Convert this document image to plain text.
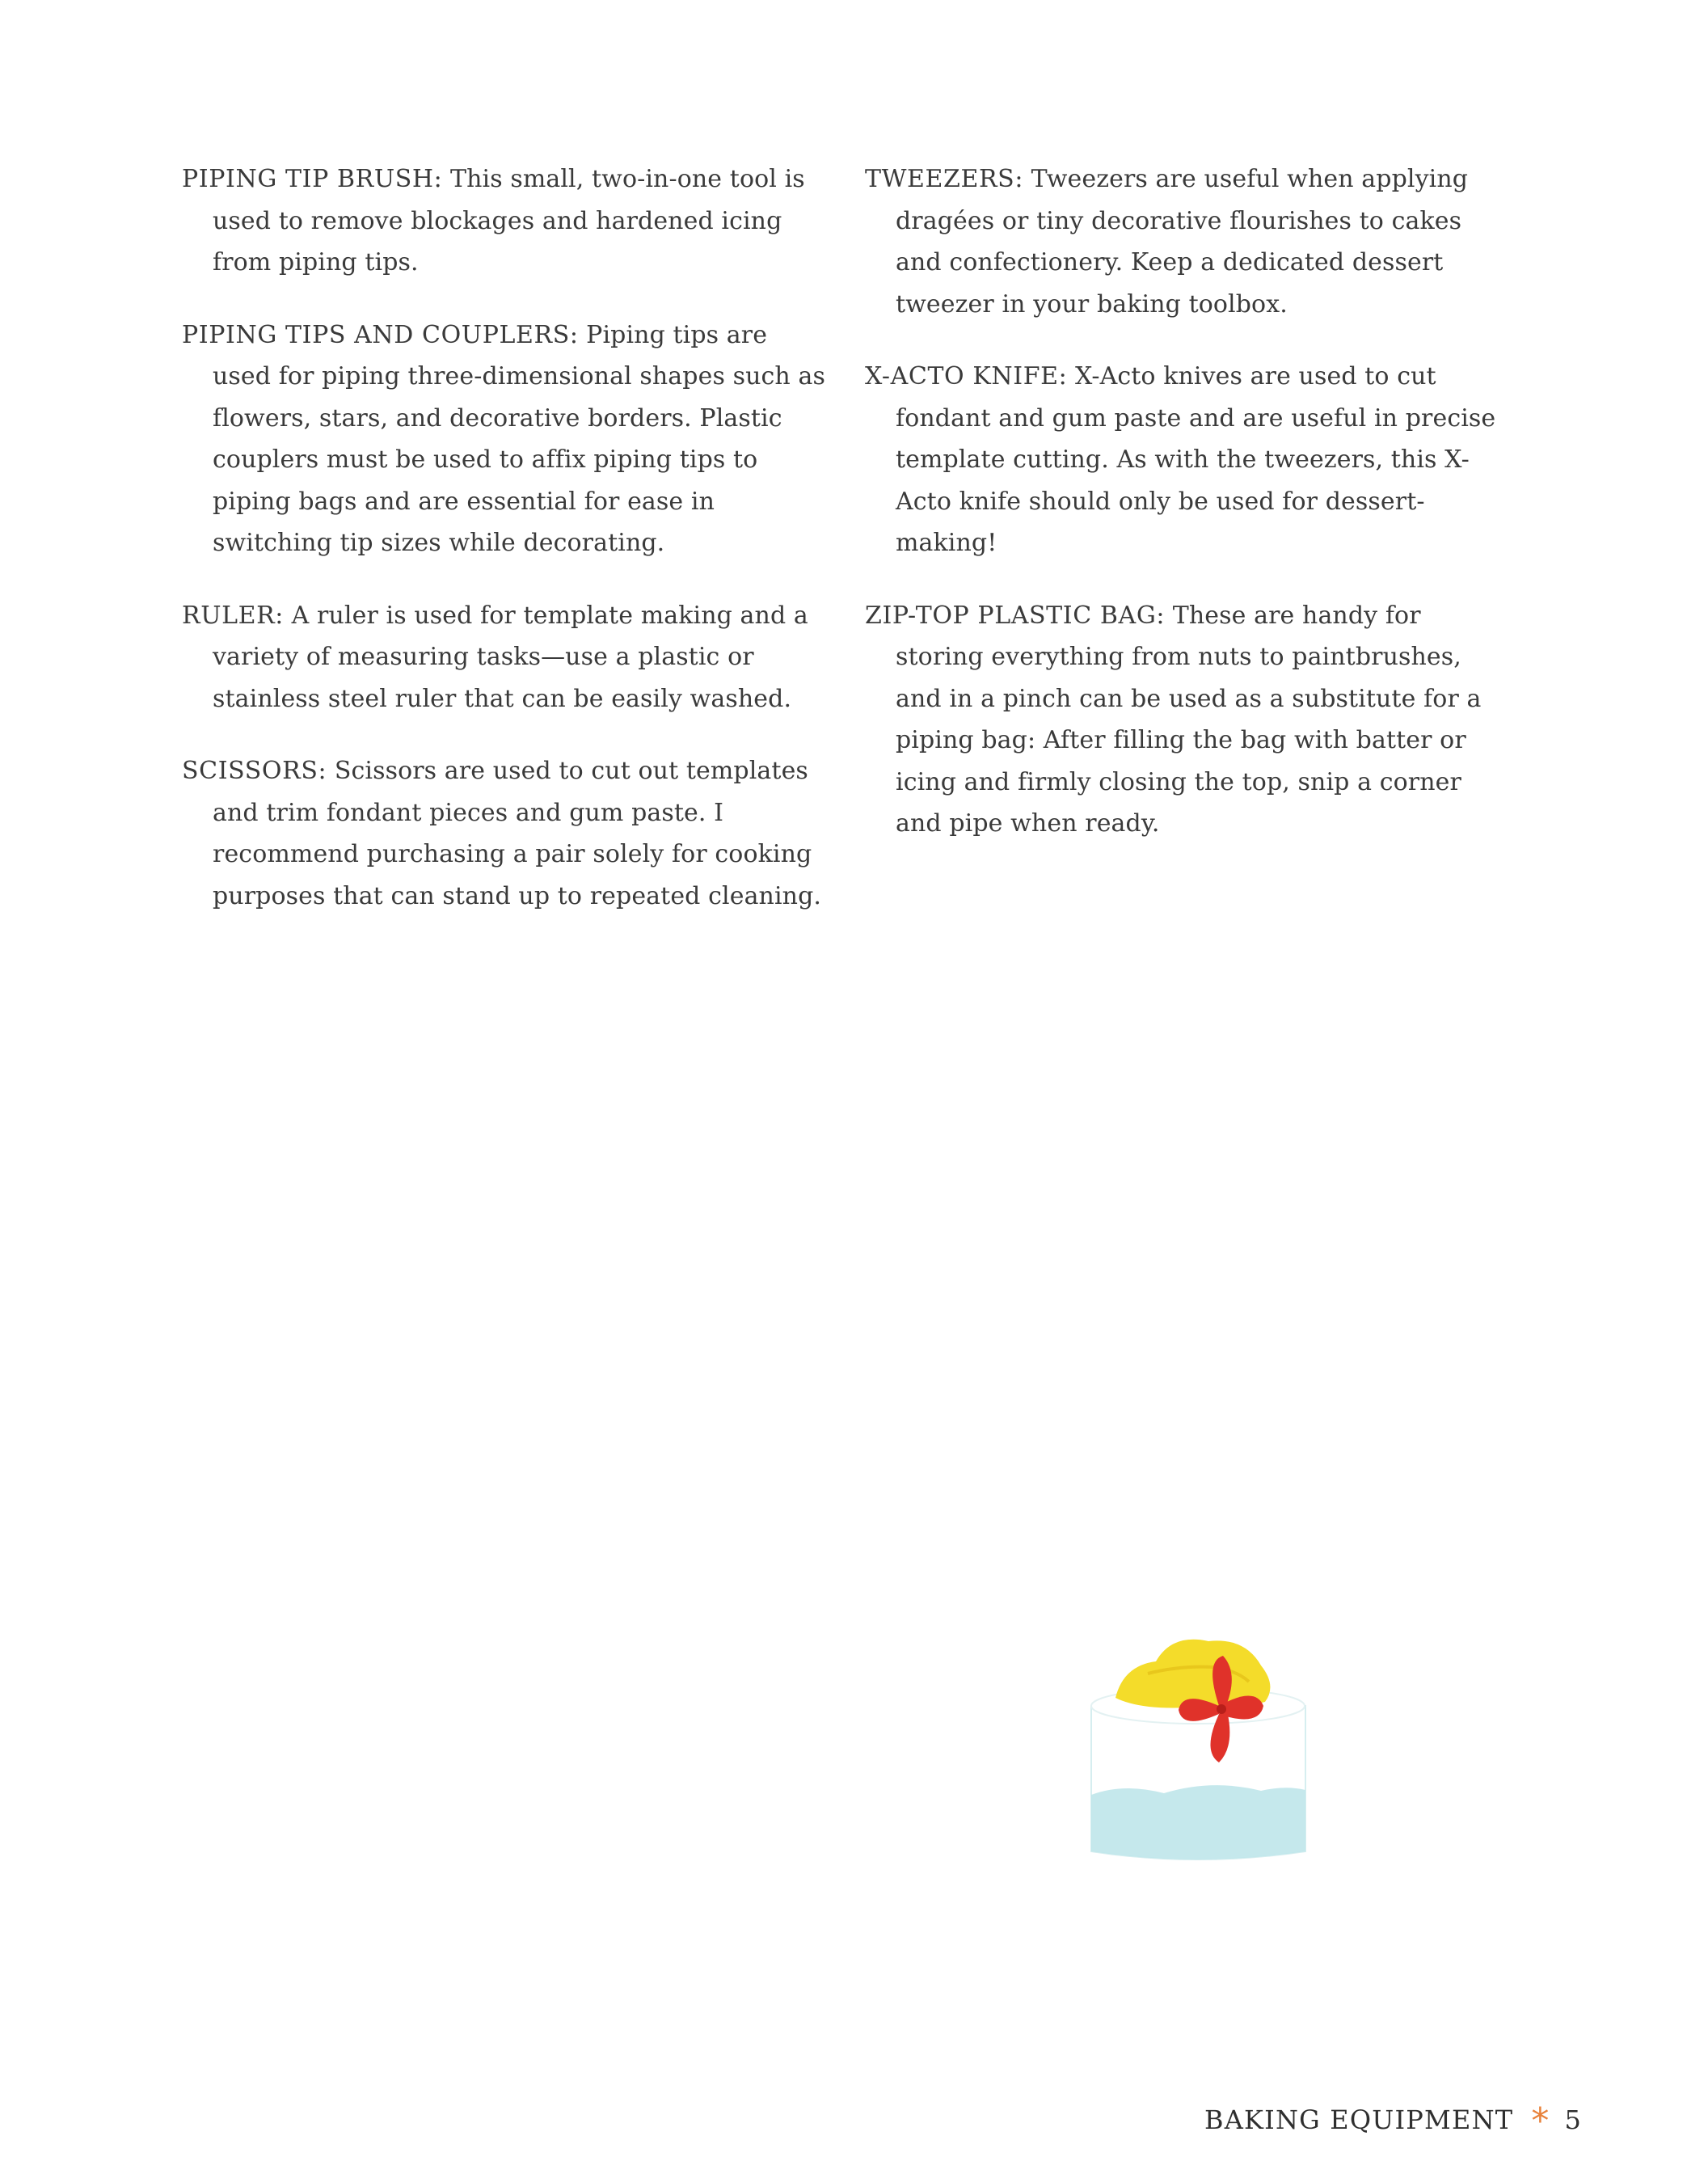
PIPING TIP BRUSH: This small, two-in-one tool is used to remove blockages and hardened icing from piping tips.

PIPING TIPS AND COUPLERS: Piping tips are used for piping three-dimensional shapes such as flowers, stars, and decorative borders. Plastic couplers must be used to affix piping tips to piping bags and are essential for ease in switching tip sizes while decorating.

RULER: A ruler is used for template making and a variety of measuring tasks—use a plastic or stainless steel ruler that can be easily washed.

SCISSORS: Scissors are used to cut out templates and trim fondant pieces and gum paste. I recommend purchasing a pair solely for cooking purposes that can stand up to repeated cleaning.

TWEEZERS: Tweezers are useful when applying dragées or tiny decorative flourishes to cakes and confectionery. Keep a dedicated dessert tweezer in your baking toolbox.

X-ACTO KNIFE: X-Acto knives are used to cut fondant and gum paste and are useful in precise template cutting. As with the tweezers, this X-Acto knife should only be used for dessert-making!

ZIP-TOP PLASTIC BAG: These are handy for storing everything from nuts to paintbrushes, and in a pinch can be used as a substitute for a piping bag: After filling the bag with batter or icing and firmly closing the top, snip a corner and pipe when ready.

BAKING EQUIPMENT * 5
